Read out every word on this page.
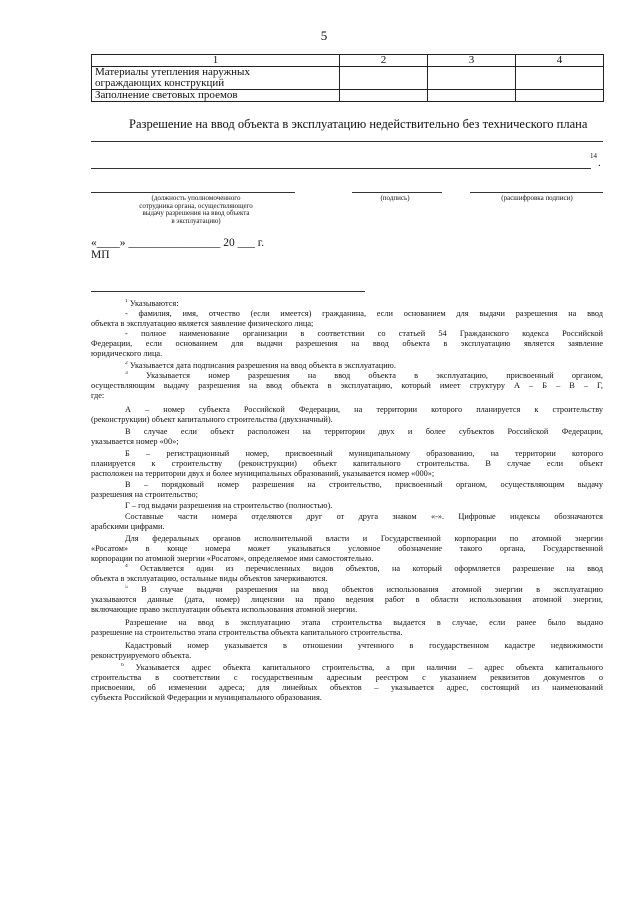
5
1	2	3	4

Материалы утепления наружных
ограждающих конструкций			

Заполнение световых проемов			
Разрешение на ввод объекта в эксплуатацию недействительно без технического плана
14
.
(должность уполномоченного
сотрудника органа, осуществляющего
выдачу разрешения на ввод объекта
в эксплуатацию)
(подпись)	(расшифровка подписи)
«____» ________________ 20 ___ г.
МП
$^1$ Указываются:
- фамилия, имя, отчество (если имеется) гражданина, если основанием для выдачи разрешения на ввод
объекта в эксплуатацию является заявление физического лица;
- полное наименование организации в соответствии со статьей 54 Гражданского кодекса Российской
Федерации, если основанием для выдачи разрешения на ввод объекта в эксплуатацию является заявление
юридического лица.
$^2$ Указывается дата подписания разрешения на ввод объекта в эксплуатацию.
$^3$ Указывается номер разрешения на ввод объекта в эксплуатацию, присвоенный органом,
осуществляющим выдачу разрешения на ввод объекта в эксплуатацию, который имеет структуру А – Б – В – Г,
где:
А – номер субъекта Российской Федерации, на территории которого планируется к строительству
(реконструкции) объект капитального строительства (двухзначный).
В случае если объект расположен на территории двух и более субъектов Российской Федерации,
указывается номер «00»;
Б – регистрационный номер, присвоенный муниципальному образованию, на территории которого
планируется к строительству (реконструкции) объект капитального строительства. В случае если объект
расположен на территории двух и более муниципальных образований, указывается номер «000»;
В – порядковый номер разрешения на строительство, присвоенный органом, осуществляющим выдачу
разрешения на строительство;
Г – год выдачи разрешения на строительство (полностью).
Составные части номера отделяются друг от друга знаком «-». Цифровые индексы обозначаются
арабскими цифрами.
Для федеральных органов исполнительной власти и Государственной корпорации по атомной энергии
«Росатом» в конце номера может указываться условное обозначение такого органа, Государственной
корпорации по атомной энергии «Росатом», определяемое ими самостоятельно.
$^4$ Оставляется один из перечисленных видов объектов, на который оформляется разрешение на ввод
объекта в эксплуатацию, остальные виды объектов зачеркиваются.
$^5$ В случае выдачи разрешения на ввод объектов использования атомной энергии в эксплуатацию
указываются данные (дата, номер) лицензии на право ведения работ в области использования атомной энергии,
включающие право эксплуатации объекта использования атомной энергии.
Разрешение на ввод в эксплуатацию этапа строительства выдается в случае, если ранее было выдано
разрешение на строительство этапа строительства объекта капитального строительства.
Кадастровый номер указывается в отношении учтенного в государственном кадастре недвижимости
реконструируемого объекта.
$^6$ Указывается адрес объекта капитального строительства, а при наличии – адрес объекта капитального
строительства в соответствии с государственным адресным реестром с указанием реквизитов документов о
присвоении, об изменении адреса; для линейных объектов – указывается адрес, состоящий из наименований
субъекта Российской Федерации и муниципального образования.
